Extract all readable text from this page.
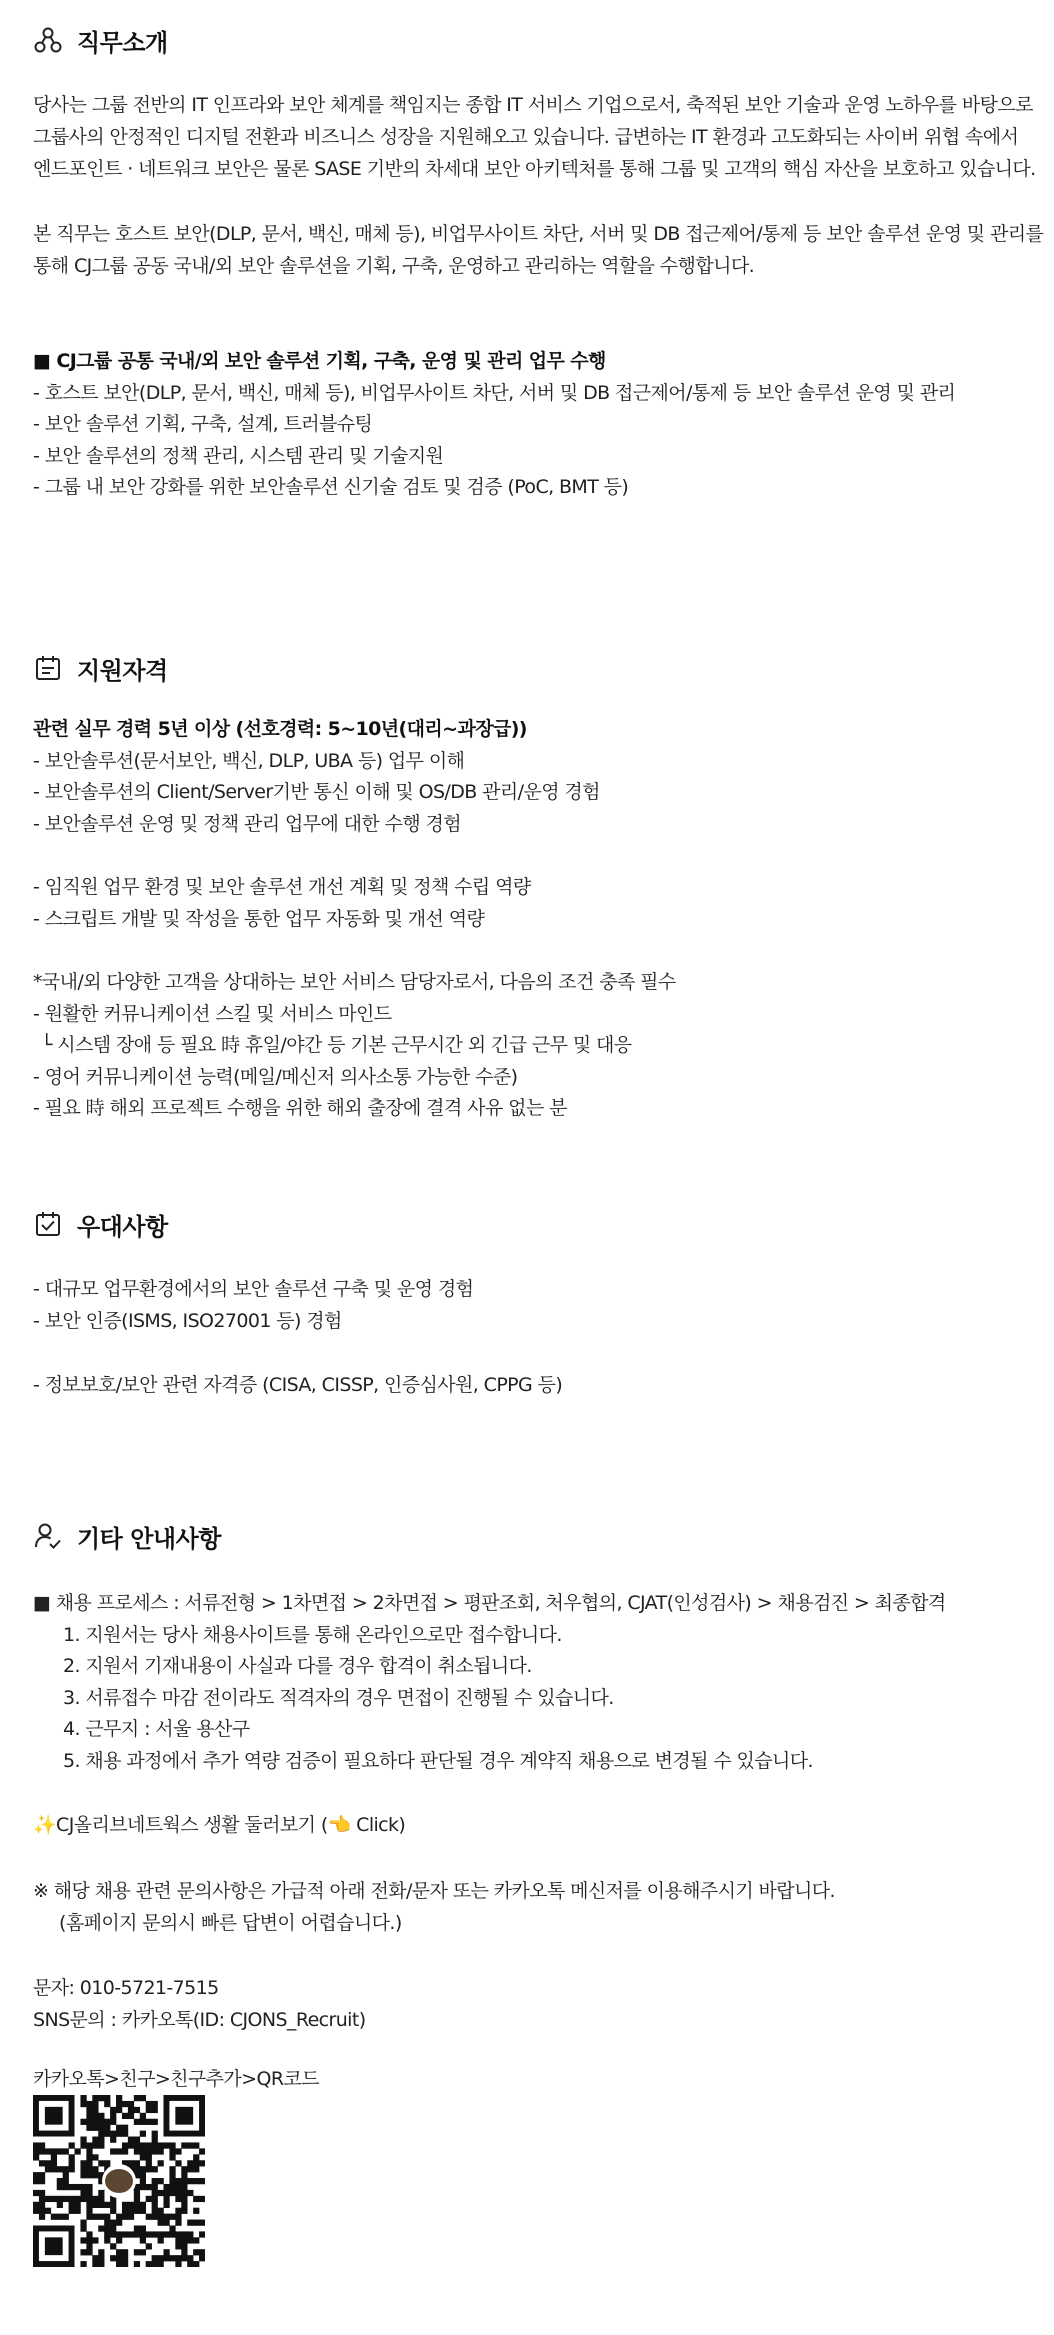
직무소개
당사는 그룹 전반의 IT 인프라와 보안 체계를 책임지는 종합 IT 서비스 기업으로서, 축적된 보안 기술과 운영 노하우를 바탕으로
그룹사의 안정적인 디지털 전환과 비즈니스 성장을 지원해오고 있습니다. 급변하는 IT 환경과 고도화되는 사이버 위협 속에서
엔드포인트 · 네트워크 보안은 물론 SASE 기반의 차세대 보안 아키텍처를 통해 그룹 및 고객의 핵심 자산을 보호하고 있습니다.
본 직무는 호스트 보안(DLP, 문서, 백신, 매체 등), 비업무사이트 차단, 서버 및 DB 접근제어/통제 등 보안 솔루션 운영 및 관리를
통해 CJ그룹 공동 국내/외 보안 솔루션을 기획, 구축, 운영하고 관리하는 역할을 수행합니다.
■ CJ그룹 공통 국내/외 보안 솔루션 기획, 구축, 운영 및 관리 업무 수행
- 호스트 보안(DLP, 문서, 백신, 매체 등), 비업무사이트 차단, 서버 및 DB 접근제어/통제 등 보안 솔루션 운영 및 관리
- 보안 솔루션 기획, 구축, 설계, 트러블슈팅
- 보안 솔루션의 정책 관리, 시스템 관리 및 기술지원
- 그룹 내 보안 강화를 위한 보안솔루션 신기술 검토 및 검증 (PoC, BMT 등)
지원자격
관련 실무 경력 5년 이상 (선호경력: 5~10년(대리~과장급))
- 보안솔루션(문서보안, 백신, DLP, UBA 등) 업무 이해
- 보안솔루션의 Client/Server기반 통신 이해 및 OS/DB 관리/운영 경험
- 보안솔루션 운영 및 정책 관리 업무에 대한 수행 경험
- 임직원 업무 환경 및 보안 솔루션 개선 계획 및 정책 수립 역량
- 스크립트 개발 및 작성을 통한 업무 자동화 및 개선 역량
*국내/외 다양한 고객을 상대하는 보안 서비스 담당자로서, 다음의 조건 충족 필수
- 원활한 커뮤니케이션 스킬 및 서비스 마인드
└ 시스템 장애 등 필요 時 휴일/야간 등 기본 근무시간 외 긴급 근무 및 대응
- 영어 커뮤니케이션 능력(메일/메신저 의사소통 가능한 수준)
- 필요 時 해외 프로젝트 수행을 위한 해외 출장에 결격 사유 없는 분
우대사항
- 대규모 업무환경에서의 보안 솔루션 구축 및 운영 경험
- 보안 인증(ISMS, ISO27001 등) 경험
- 정보보호/보안 관련 자격증 (CISA, CISSP, 인증심사원, CPPG 등)
기타 안내사항
■ 채용 프로세스 : 서류전형 > 1차면접 > 2차면접 > 평판조회, 처우협의, CJAT(인성검사) > 채용검진 > 최종합격
1. 지원서는 당사 채용사이트를 통해 온라인으로만 접수합니다.
2. 지원서 기재내용이 사실과 다를 경우 합격이 취소됩니다.
3. 서류접수 마감 전이라도 적격자의 경우 면접이 진행될 수 있습니다.
4. 근무지 : 서울 용산구
5. 채용 과정에서 추가 역량 검증이 필요하다 판단될 경우 계약직 채용으로 변경될 수 있습니다.
✨CJ올리브네트웍스 생활 둘러보기 (👈 Click)
※ 해당 채용 관련 문의사항은 가급적 아래 전화/문자 또는 카카오톡 메신저를 이용해주시기 바랍니다.
(홈페이지 문의시 빠른 답변이 어렵습니다.)
문자: 010-5721-7515
SNS문의 : 카카오톡(ID: CJONS_Recruit)
카카오톡>친구>친구추가>QR코드
